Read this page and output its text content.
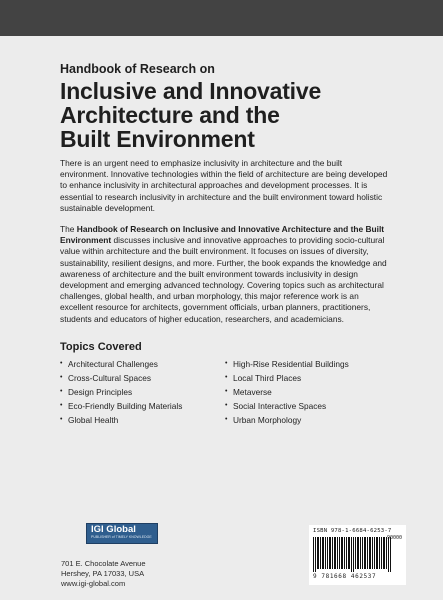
Handbook of Research on

Inclusive and Innovative
Architecture and the
Built Environment

There is an urgent need to emphasize inclusivity in architecture and the built environment. Innovative technologies within the field of architecture are being developed to enhance inclusivity in architectural approaches and development processes. It is essential to research inclusivity in architecture and the built environment toward holistic sustainable development.

The Handbook of Research on Inclusive and Innovative Architecture and the Built Environment discusses inclusive and innovative approaches to providing socio-cultural value within architecture and the built environment. It focuses on issues of diversity, sustainability, resilient designs, and more. Further, the book expands the knowledge and awareness of architecture and the built environment towards inclusivity in design development and emerging advanced technology. Covering topics such as architectural challenges, global health, and urban morphology, this major reference work is an excellent resource for architects, government officials, urban planners, practitioners, students and educators of higher education, researchers, and academicians.

Topics Covered
• Architectural Challenges
• Cross-Cultural Spaces
• Design Principles
• Eco-Friendly Building Materials
• Global Health
• High-Rise Residential Buildings
• Local Third Places
• Metaverse
• Social Interactive Spaces
• Urban Morphology
IGI Global
PUBLISHER of TIMELY KNOWLEDGE
701 E. Chocolate Avenue
Hershey, PA 17033, USA
www.igi-global.com
ISBN 978-1-6684-6253-7
90000
9 781668 462537
